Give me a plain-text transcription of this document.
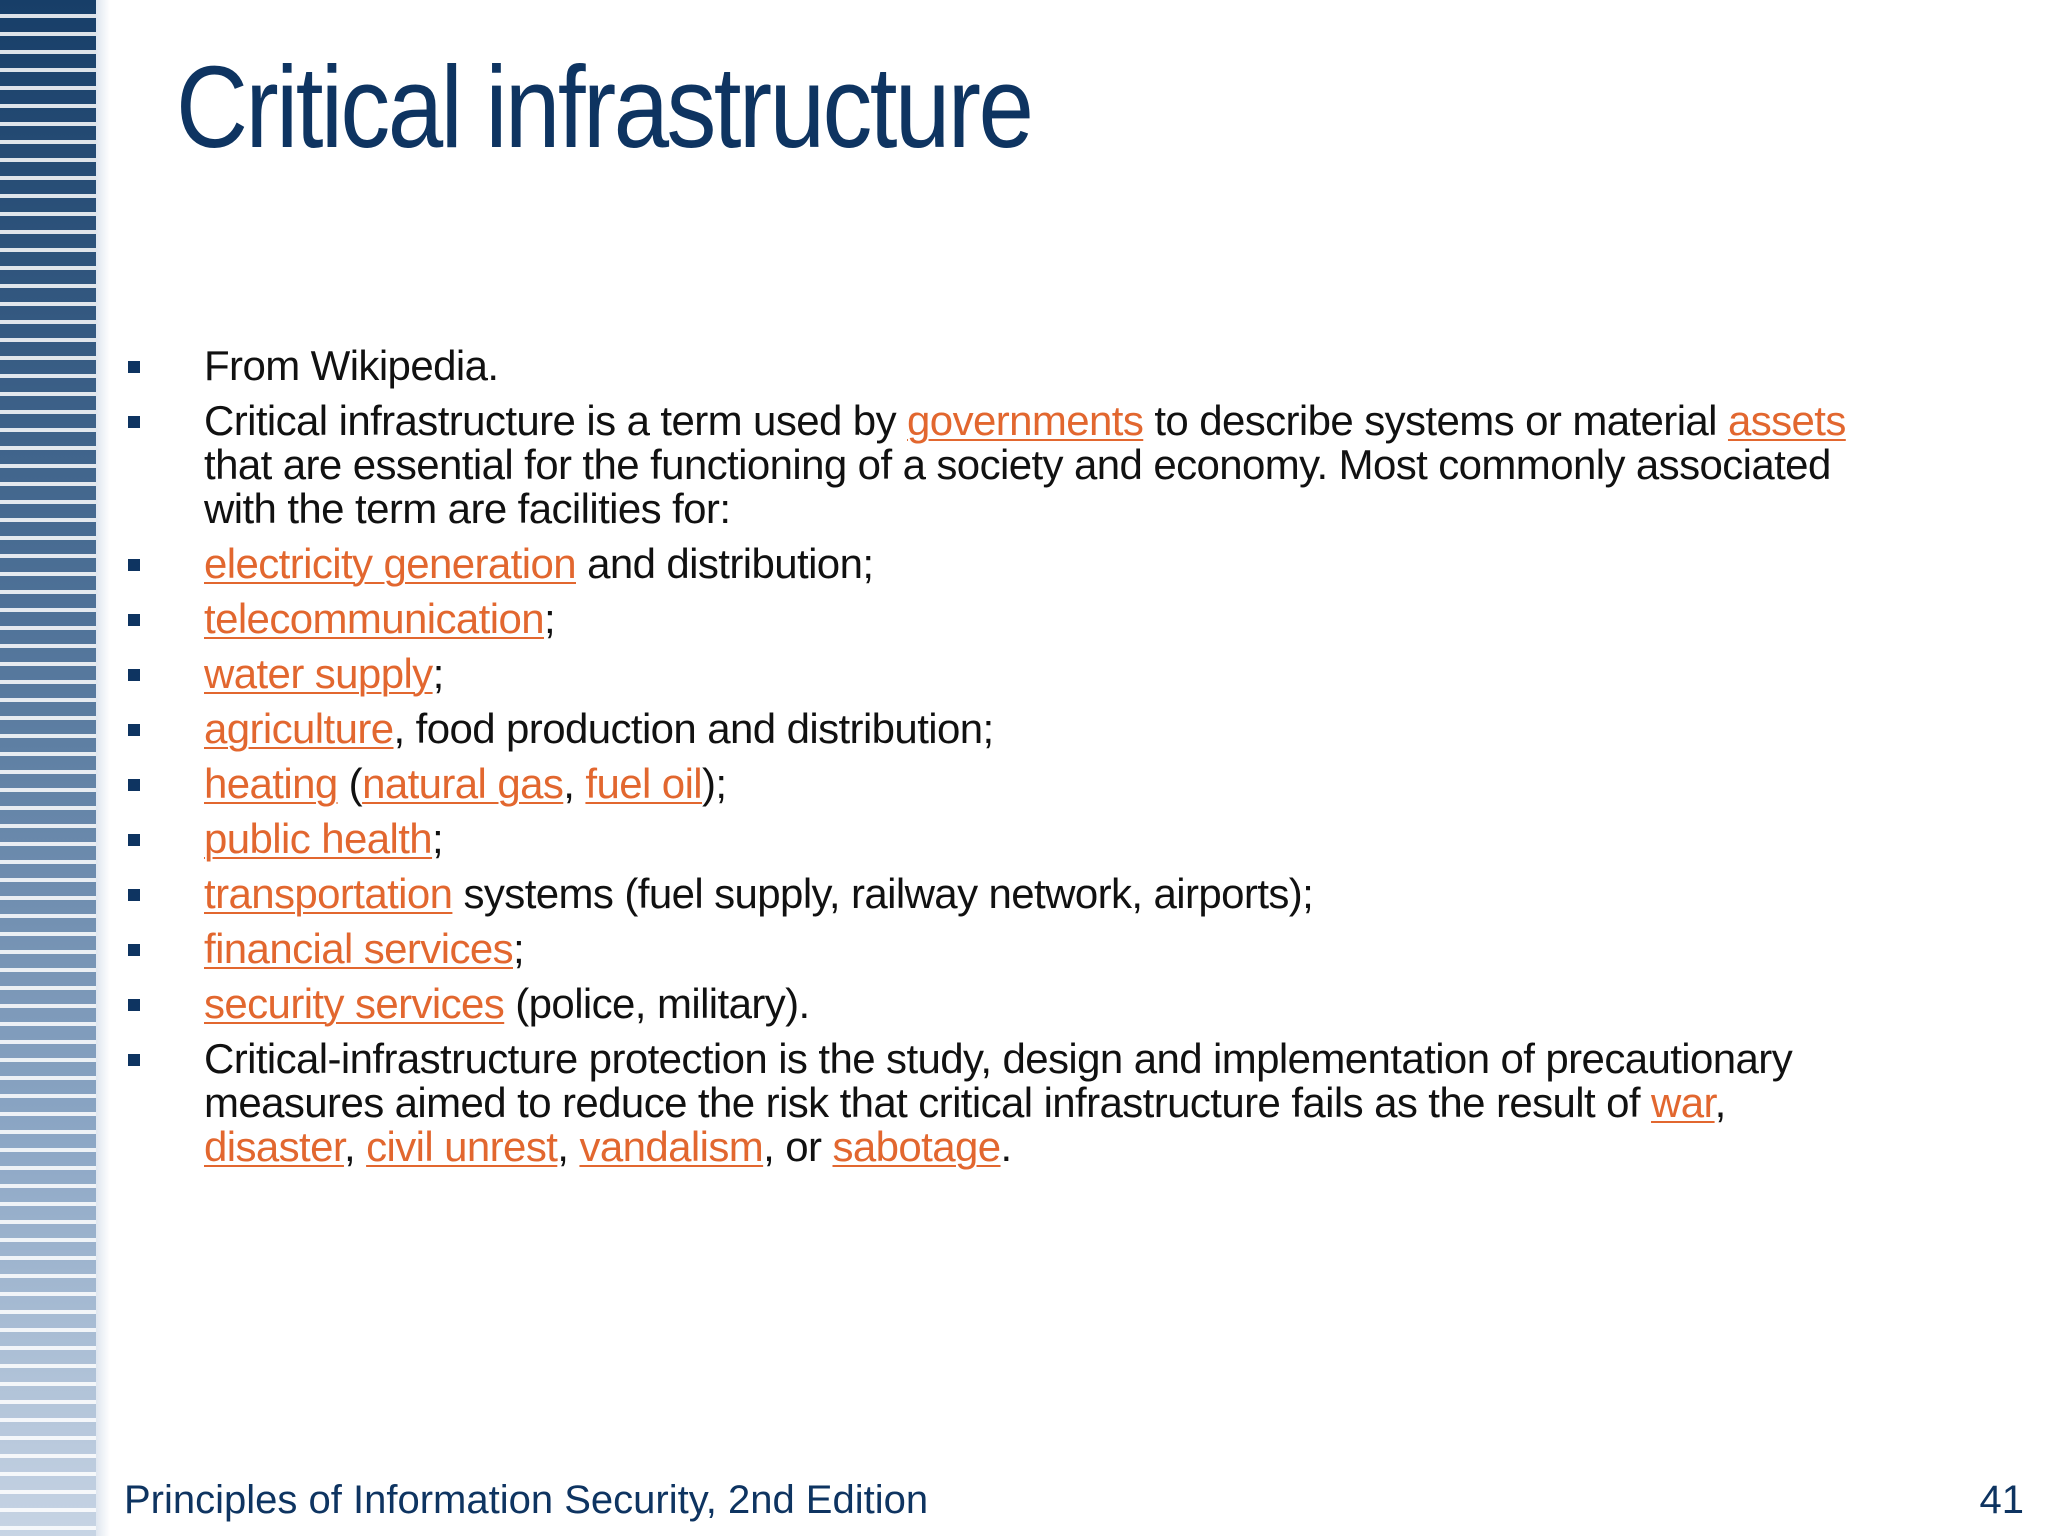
Critical infrastructure
From Wikipedia.
Critical infrastructure is a term used by governments to describe systems or material assets that are essential for the functioning of a society and economy. Most commonly associated with the term are facilities for:
electricity generation and distribution;
telecommunication;
water supply;
agriculture, food production and distribution;
heating (natural gas, fuel oil);
public health;
transportation systems (fuel supply, railway network, airports);
financial services;
security services (police, military).
Critical-infrastructure protection is the study, design and implementation of precautionary measures aimed to reduce the risk that critical infrastructure fails as the result of war, disaster, civil unrest, vandalism, or sabotage.
Principles of Information Security, 2nd Edition	41
